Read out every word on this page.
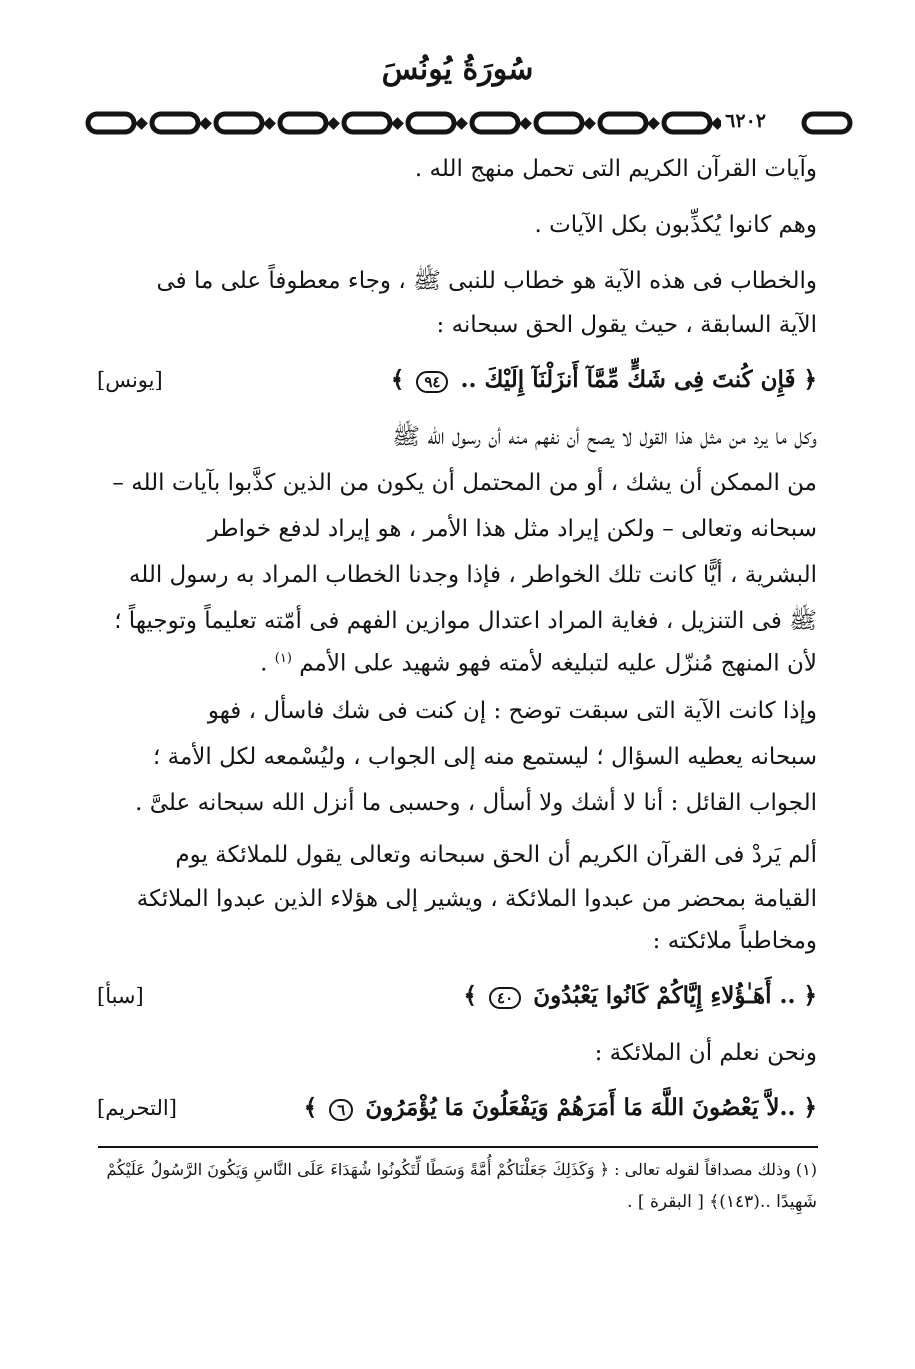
سُورَةُ يُونُسَ
٦٢٠٢
وآيات القرآن الكريم التى تحمل منهج الله .
وهم كانوا يُكذِّبون بكل الآيات .
والخطاب فى هذه الآية هو خطاب للنبى ﷺ ، وجاء معطوفاً على ما فى
الآية السابقة ، حيث يقول الحق سبحانه :
﴿ فَإِن كُنتَ فِى شَكٍّ مِّمَّآ أَنزَلْنَآ إِلَيْكَ .. ٩٤ ﴾
[يونس]
وكل ما يرد من مثل هذا القول لا يصح أن نفهم منه أن رسول الله ﷺ
من الممكن أن يشك ، أو من المحتمل أن يكون من الذين كذَّبوا بآيات الله –
سبحانه وتعالى – ولكن إيراد مثل هذا الأمر ، هو إيراد لدفع خواطر
البشرية ، أيًّا كانت تلك الخواطر ، فإذا وجدنا الخطاب المراد به رسول الله
ﷺ فى التنزيل ، فغاية المراد اعتدال موازين الفهم فى أمّته تعليماً وتوجيهاً ؛
لأن المنهج مُنزّل عليه لتبليغه لأمته فهو شهيد على الأمم $^{(١)}$ .
وإذا كانت الآية التى سبقت توضح : إن كنت فى شك فاسأل ، فهو
سبحانه يعطيه السؤال ؛ ليستمع منه إلى الجواب ، وليُسْمعه لكل الأمة ؛
الجواب القائل : أنا لا أشك ولا أسأل ، وحسبى ما أنزل الله سبحانه علىَّ .
ألم يَردْ فى القرآن الكريم أن الحق سبحانه وتعالى يقول للملائكة يوم
القيامة بمحضر من عبدوا الملائكة ، ويشير إلى هؤلاء الذين عبدوا الملائكة
ومخاطباً ملائكته :
﴿ .. أَهَـٰؤُلاءِ إِيَّاكُمْ كَانُوا يَعْبُدُونَ ٤٠ ﴾
[سبأ]
ونحن نعلم أن الملائكة :
﴿ ..لاَّ يَعْصُونَ اللَّهَ مَا أَمَرَهُمْ وَيَفْعَلُونَ مَا يُؤْمَرُونَ ٦ ﴾
[التحريم]
(١) وذلك مصداقاً لقوله تعالى : ﴿ وَكَذَلِكَ جَعَلْنَاكُمْ أُمَّةً وَسَطًا لِّتَكُونُوا شُهَدَاءَ عَلَى النَّاسِ وَيَكُونَ الرَّسُولُ عَلَيْكُمْ
شَهِيدًا ..(١٤٣)﴾ [ البقرة ] .
